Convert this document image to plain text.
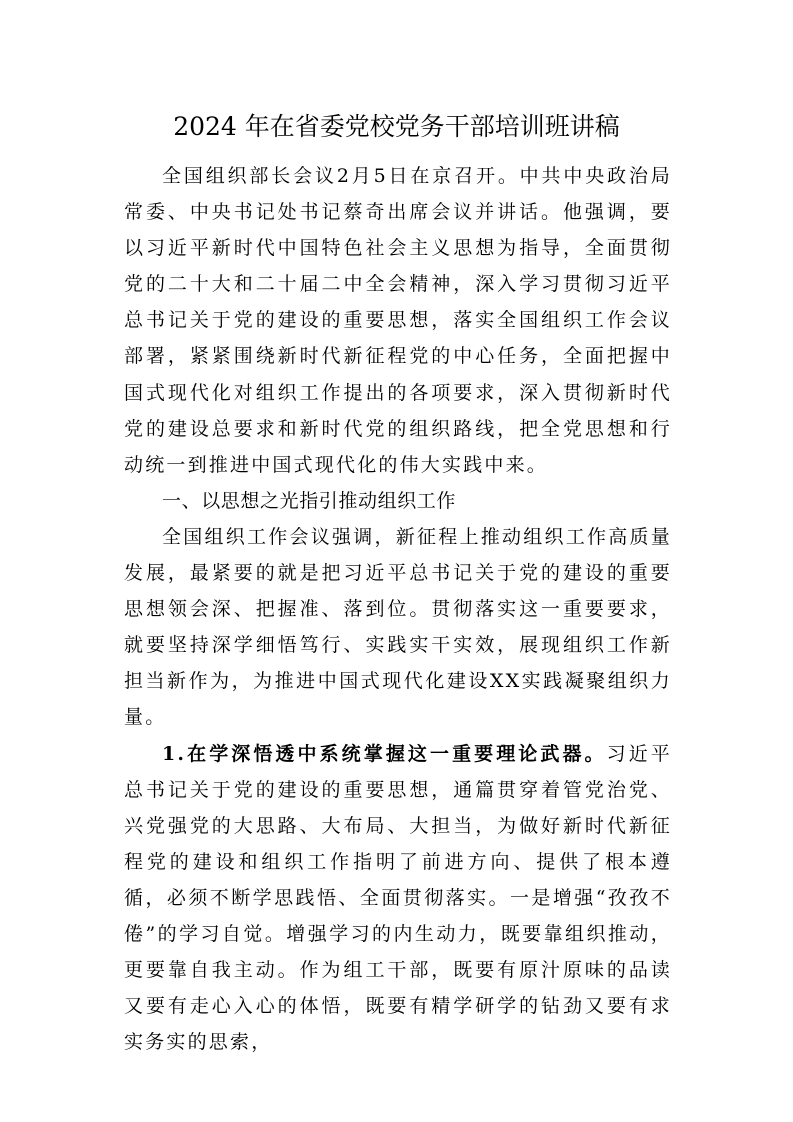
2024 年在省委党校党务干部培训班讲稿

全国组织部长会议2月5日在京召开。中共中央政治局常委、中央书记处书记蔡奇出席会议并讲话。他强调，要以习近平新时代中国特色社会主义思想为指导，全面贯彻党的二十大和二十届二中全会精神，深入学习贯彻习近平总书记关于党的建设的重要思想，落实全国组织工作会议部署，紧紧围绕新时代新征程党的中心任务，全面把握中国式现代化对组织工作提出的各项要求，深入贯彻新时代党的建设总要求和新时代党的组织路线，把全党思想和行动统一到推进中国式现代化的伟大实践中来。

一、以思想之光指引推动组织工作

全国组织工作会议强调，新征程上推动组织工作高质量发展，最紧要的就是把习近平总书记关于党的建设的重要思想领会深、把握准、落到位。贯彻落实这一重要要求，就要坚持深学细悟笃行、实践实干实效，展现组织工作新担当新作为，为推进中国式现代化建设XX实践凝聚组织力量。

1.在学深悟透中系统掌握这一重要理论武器。习近平总书记关于党的建设的重要思想，通篇贯穿着管党治党、兴党强党的大思路、大布局、大担当，为做好新时代新征程党的建设和组织工作指明了前进方向、提供了根本遵循，必须不断学思践悟、全面贯彻落实。一是增强“孜孜不倦”的学习自觉。增强学习的内生动力，既要靠组织推动，更要靠自我主动。作为组工干部，既要有原汁原味的品读又要有走心入心的体悟，既要有精学研学的钻劲又要有求实务实的思索，
